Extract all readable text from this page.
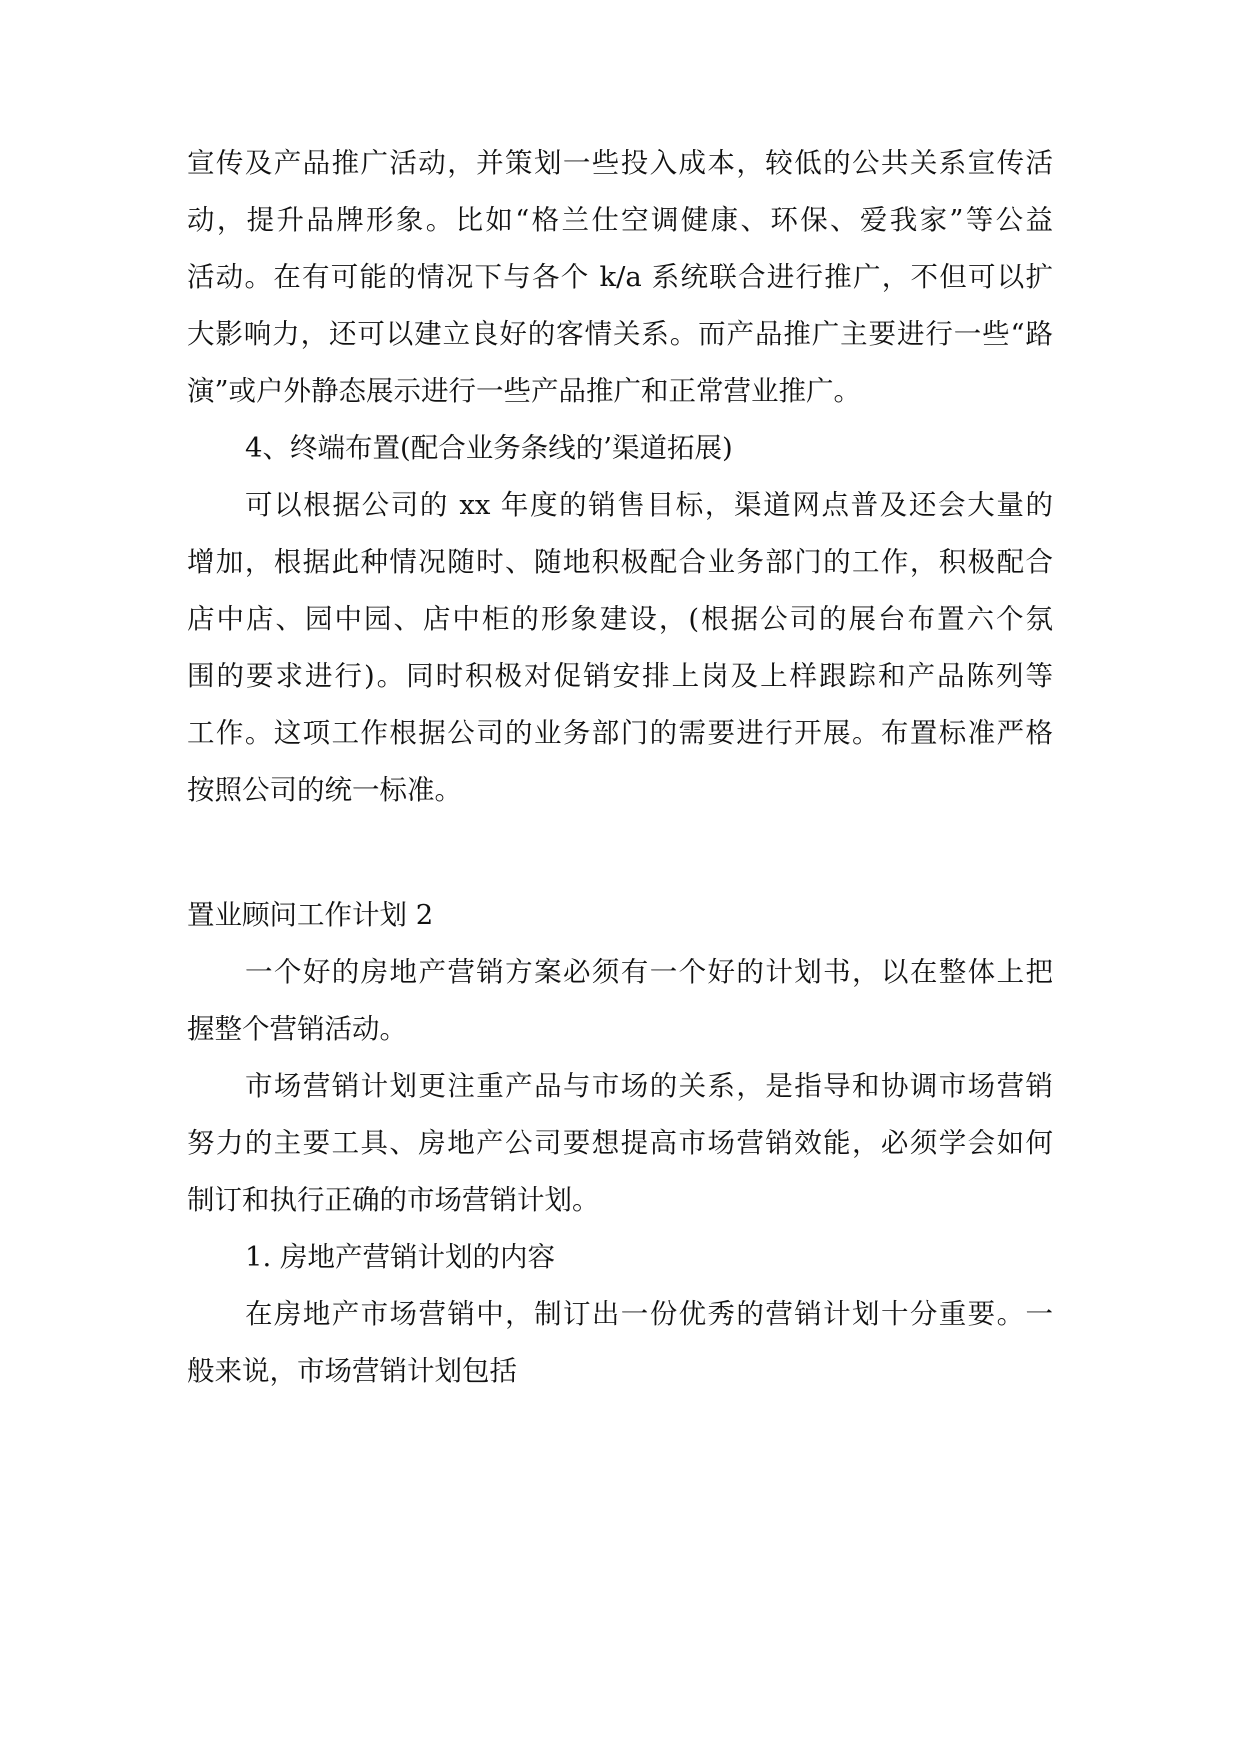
宣传及产品推广活动，并策划一些投入成本，较低的公共关系宣传活
动，提升品牌形象。比如“格兰仕空调健康、环保、爱我家”等公益
活动。在有可能的情况下与各个 k/a 系统联合进行推广，不但可以扩
大影响力，还可以建立良好的客情关系。而产品推广主要进行一些“路
演”或户外静态展示进行一些产品推广和正常营业推广。
4、终端布置(配合业务条线的’渠道拓展)
可以根据公司的 xx 年度的销售目标，渠道网点普及还会大量的
增加，根据此种情况随时、随地积极配合业务部门的工作，积极配合
店中店、园中园、店中柜的形象建设，(根据公司的展台布置六个氛
围的要求进行)。同时积极对促销安排上岗及上样跟踪和产品陈列等
工作。这项工作根据公司的业务部门的需要进行开展。布置标准严格
按照公司的统一标准。
置业顾问工作计划 2
一个好的房地产营销方案必须有一个好的计划书，以在整体上把
握整个营销活动。
市场营销计划更注重产品与市场的关系，是指导和协调市场营销
努力的主要工具、房地产公司要想提高市场营销效能，必须学会如何
制订和执行正确的市场营销计划。
1. 房地产营销计划的内容
在房地产市场营销中，制订出一份优秀的营销计划十分重要。一
般来说，市场营销计划包括
